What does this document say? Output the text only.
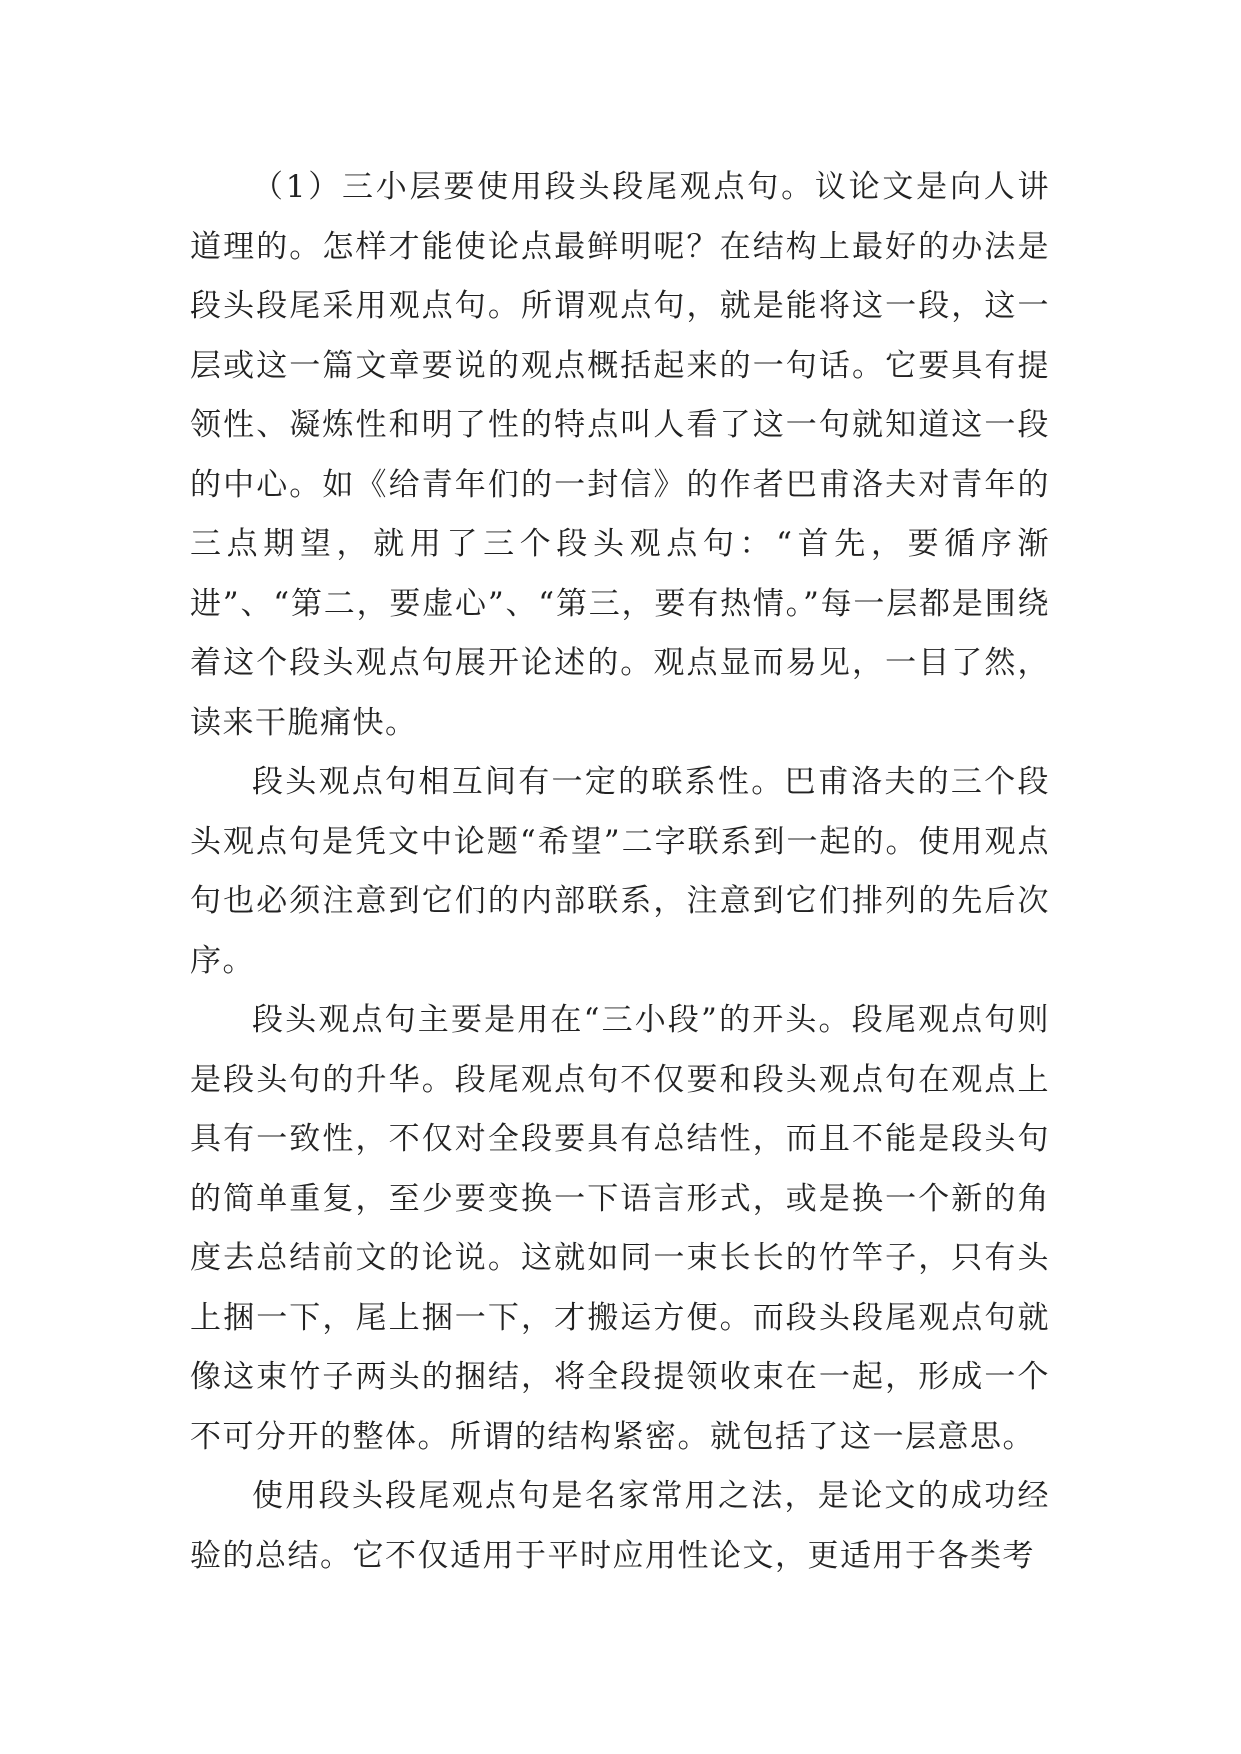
（1）三小层要使用段头段尾观点句。议论文是向人讲道理的。怎样才能使论点最鲜明呢？在结构上最好的办法是段头段尾采用观点句。所谓观点句，就是能将这一段，这一层或这一篇文章要说的观点概括起来的一句话。它要具有提领性、凝炼性和明了性的特点叫人看了这一句就知道这一段的中心。如《给青年们的一封信》的作者巴甫洛夫对青年的三点期望，就用了三个段头观点句：“首先，要循序渐进”、“第二，要虚心”、“第三，要有热情。”每一层都是围绕着这个段头观点句展开论述的。观点显而易见，一目了然，读来干脆痛快。

段头观点句相互间有一定的联系性。巴甫洛夫的三个段头观点句是凭文中论题“希望”二字联系到一起的。使用观点句也必须注意到它们的内部联系，注意到它们排列的先后次序。

段头观点句主要是用在“三小段”的开头。段尾观点句则是段头句的升华。段尾观点句不仅要和段头观点句在观点上具有一致性，不仅对全段要具有总结性，而且不能是段头句的简单重复，至少要变换一下语言形式，或是换一个新的角度去总结前文的论说。这就如同一束长长的竹竿子，只有头上捆一下，尾上捆一下，才搬运方便。而段头段尾观点句就像这束竹子两头的捆结，将全段提领收束在一起，形成一个不可分开的整体。所谓的结构紧密。就包括了这一层意思。

使用段头段尾观点句是名家常用之法，是论文的成功经验的总结。它不仅适用于平时应用性论文，更适用于各类考
